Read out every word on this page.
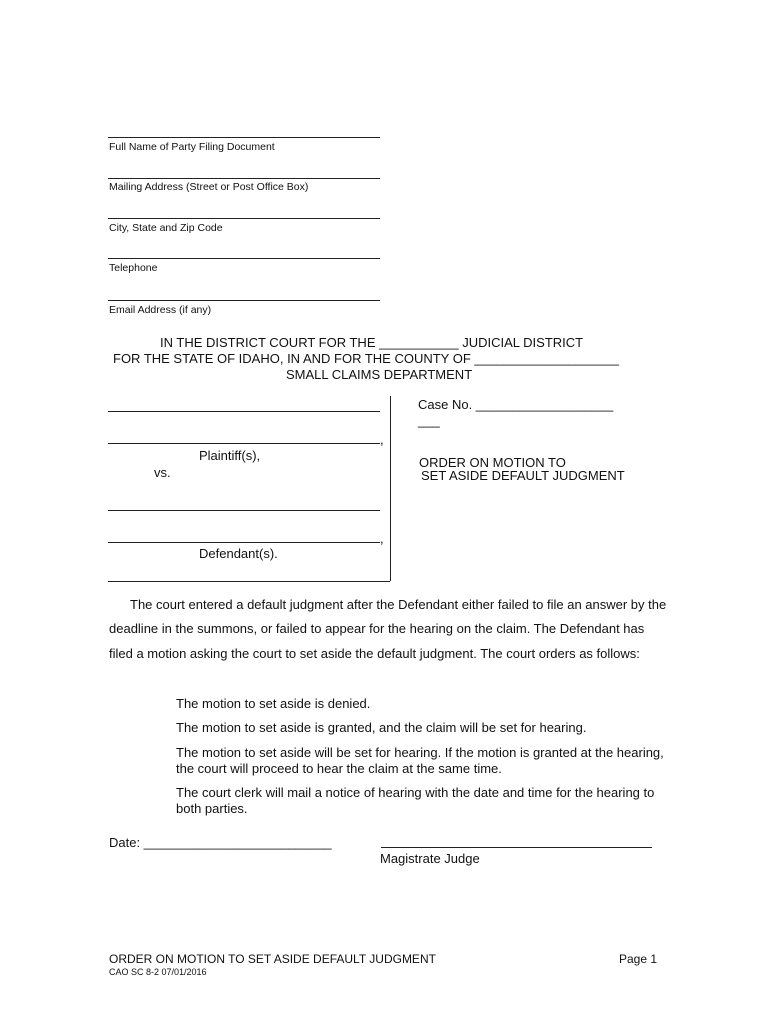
Full Name of Party Filing Document
Mailing Address (Street or Post Office Box)
City, State and Zip Code
Telephone
Email Address (if any)
IN THE DISTRICT COURT FOR THE ___________ JUDICIAL DISTRICT
FOR THE STATE OF IDAHO, IN AND FOR THE COUNTY OF ____________________
SMALL CLAIMS DEPARTMENT
,
Plaintiff(s),
vs.
,
Defendant(s).
Case No. ___________________
___
ORDER ON MOTION TO
SET ASIDE DEFAULT JUDGMENT
The court entered a default judgment after the Defendant either failed to file an answer by the deadline in the summons, or failed to appear for the hearing on the claim. The Defendant has filed a motion asking the court to set aside the default judgment. The court orders as follows:
The motion to set aside is denied.
The motion to set aside is granted, and the claim will be set for hearing.
The motion to set aside will be set for hearing. If the motion is granted at the hearing, the court will proceed to hear the claim at the same time.
The court clerk will mail a notice of hearing with the date and time for the hearing to both parties.
Date: __________________________
Magistrate Judge
ORDER ON MOTION TO SET ASIDE DEFAULT JUDGMENT	Page 1
CAO SC 8-2 07/01/2016
